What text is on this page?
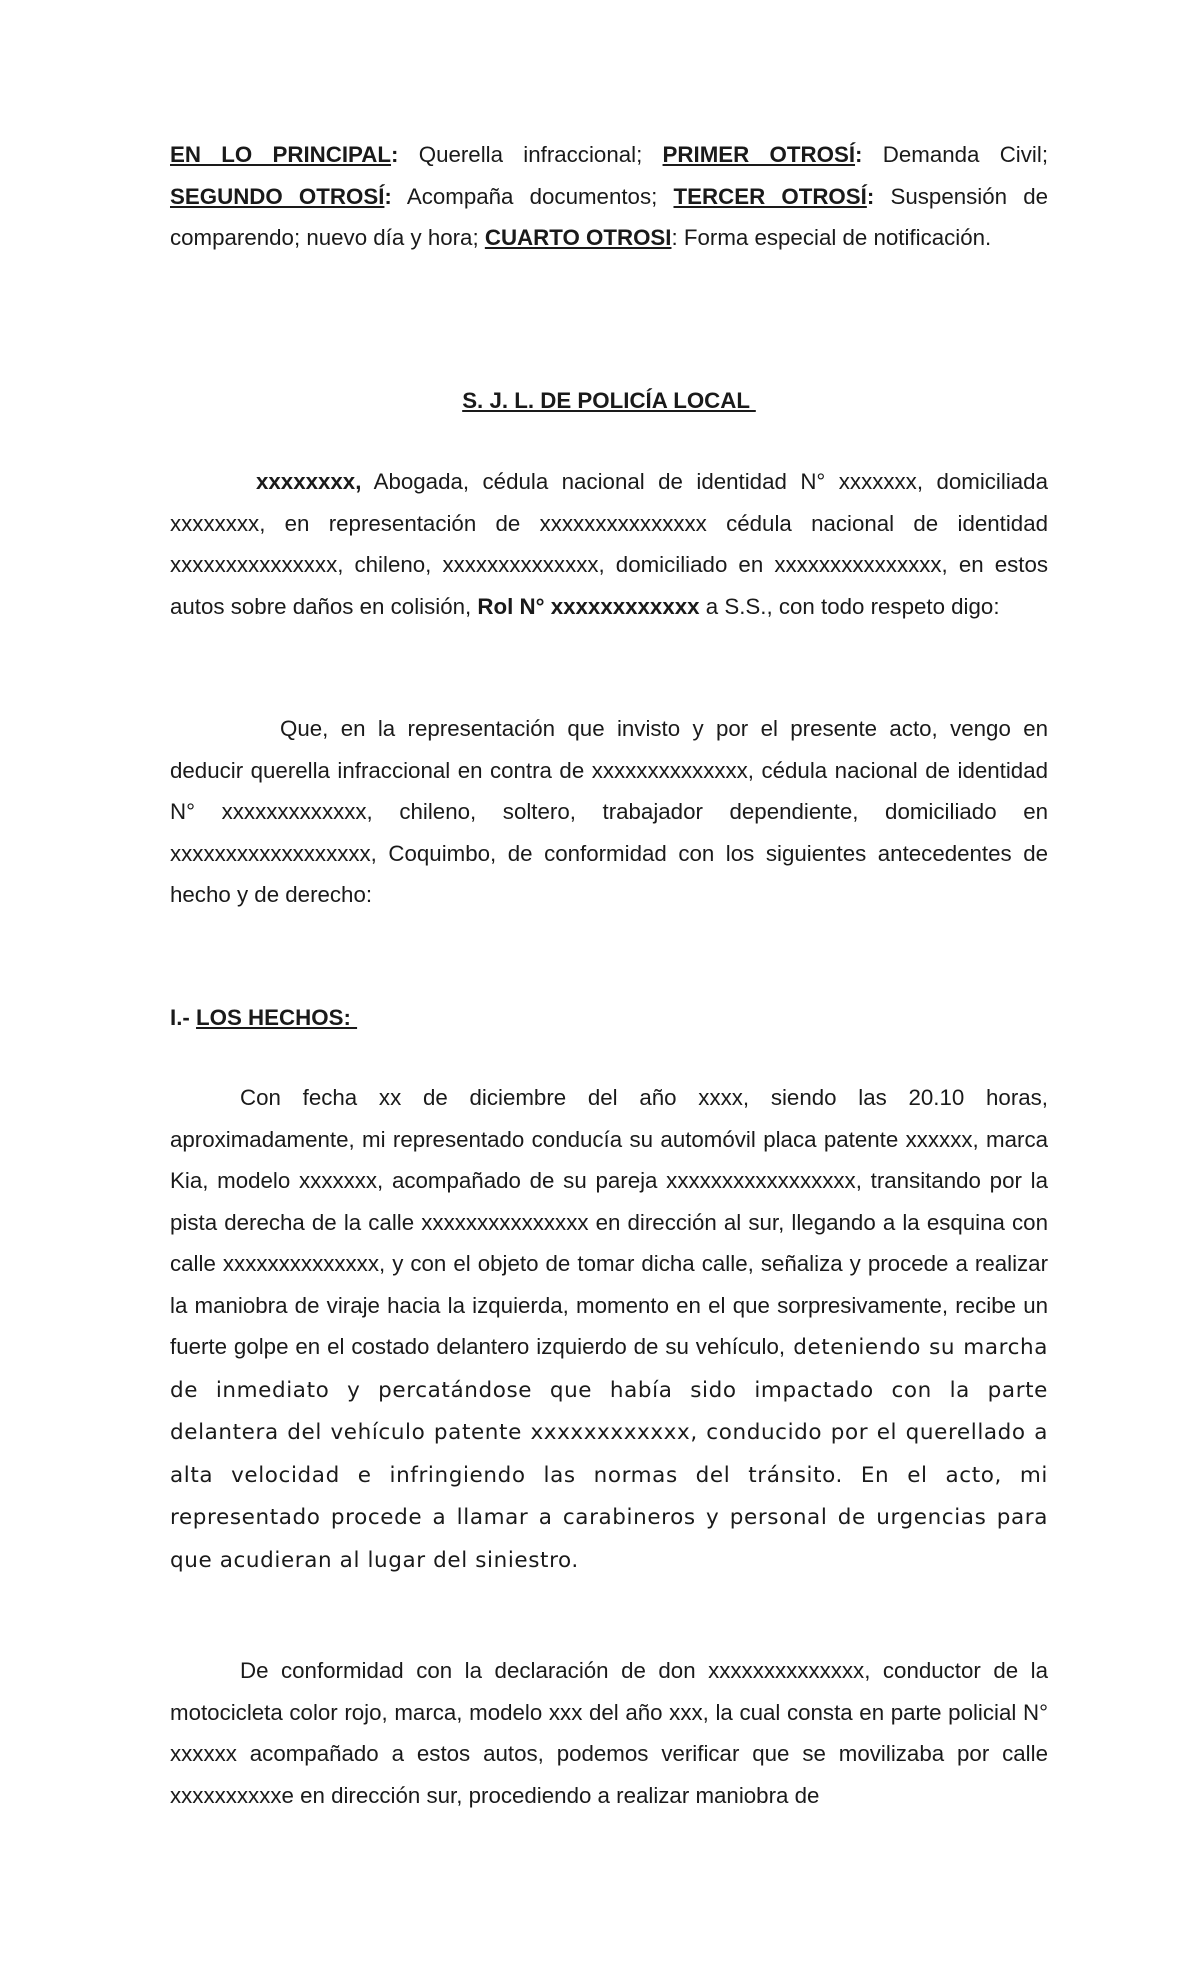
EN LO PRINCIPAL: Querella infraccional; PRIMER OTROSÍ: Demanda Civil; SEGUNDO OTROSÍ: Acompaña documentos; TERCER OTROSÍ: Suspensión de comparendo; nuevo día y hora; CUARTO OTROSI: Forma especial de notificación.

S. J. L. DE POLICÍA LOCAL

xxxxxxxx, Abogada, cédula nacional de identidad N° xxxxxxx, domiciliada xxxxxxxx, en representación de xxxxxxxxxxxxxxx cédula nacional de identidad xxxxxxxxxxxxxxx, chileno, xxxxxxxxxxxxxx, domiciliado en xxxxxxxxxxxxxxx, en estos autos sobre daños en colisión, Rol N° xxxxxxxxxxxx a S.S., con todo respeto digo:

Que, en la representación que invisto y por el presente acto, vengo en deducir querella infraccional en contra de xxxxxxxxxxxxxx, cédula nacional de identidad N° xxxxxxxxxxxxx, chileno, soltero, trabajador dependiente, domiciliado en xxxxxxxxxxxxxxxxxx, Coquimbo, de conformidad con los siguientes antecedentes de hecho y de derecho:

I.- LOS HECHOS:

Con fecha xx de diciembre del año xxxx, siendo las 20.10 horas, aproximadamente, mi representado conducía su automóvil placa patente xxxxxx, marca Kia, modelo xxxxxxx, acompañado de su pareja xxxxxxxxxxxxxxxxx, transitando por la pista derecha de la calle xxxxxxxxxxxxxxx en dirección al sur, llegando a la esquina con calle xxxxxxxxxxxxxx, y con el objeto de tomar dicha calle, señaliza y procede a realizar la maniobra de viraje hacia la izquierda, momento en el que sorpresivamente, recibe un fuerte golpe en el costado delantero izquierdo de su vehículo, deteniendo su marcha de inmediato y percatándose que había sido impactado con la parte delantera del vehículo patente xxxxxxxxxxxx, conducido por el querellado a alta velocidad e infringiendo las normas del tránsito. En el acto, mi representado procede a llamar a carabineros y personal de urgencias para que acudieran al lugar del siniestro.

De conformidad con la declaración de don xxxxxxxxxxxxxx, conductor de la motocicleta color rojo, marca, modelo xxx del año xxx, la cual consta en parte policial N° xxxxxx acompañado a estos autos, podemos verificar que se movilizaba por calle xxxxxxxxxxe en dirección sur, procediendo a realizar maniobra de
